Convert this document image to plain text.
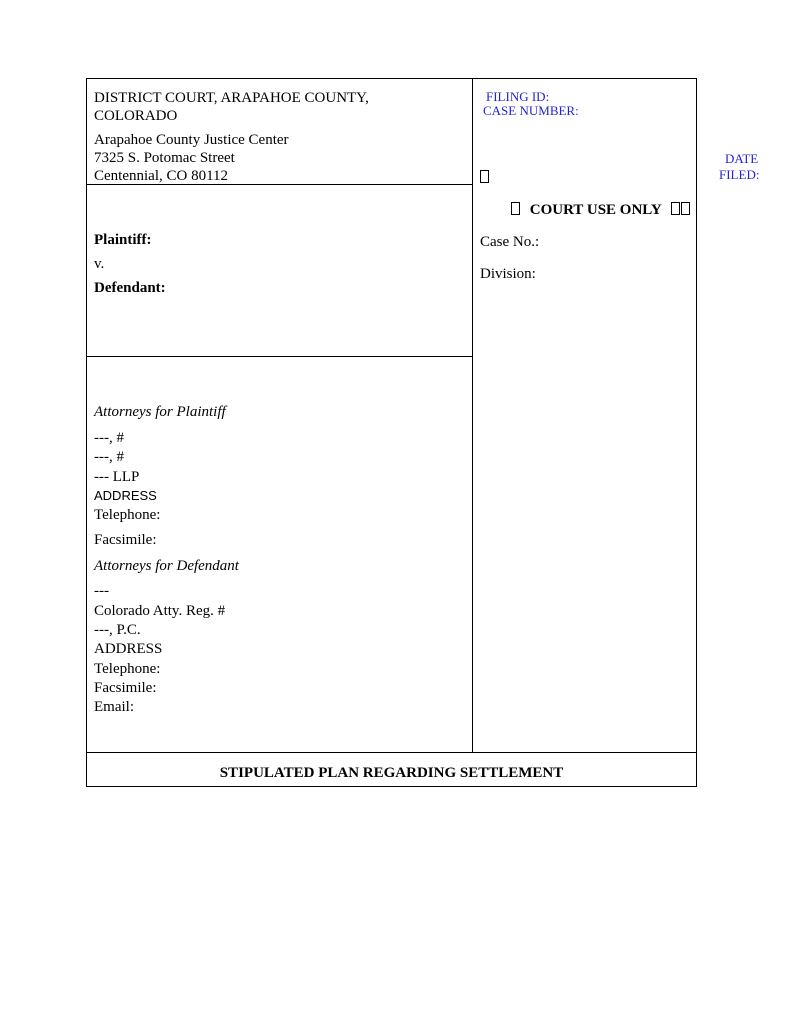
DISTRICT COURT, ARAPAHOE COUNTY,
COLORADO
Arapahoe County Justice Center
7325 S. Potomac Street
Centennial, CO 80112
Plaintiff:
v.
Defendant:
Attorneys for Plaintiff
---, #
---, #
--- LLP
ADDRESS
Telephone:
Facsimile:
Attorneys for Defendant
---
Colorado Atty. Reg. #
---, P.C.
ADDRESS
Telephone:
Facsimile:
Email:
FILING ID:
CASE NUMBER:
COURT USE ONLY
Case No.:
Division:
STIPULATED PLAN REGARDING SETTLEMENT
DATE
FILED:
